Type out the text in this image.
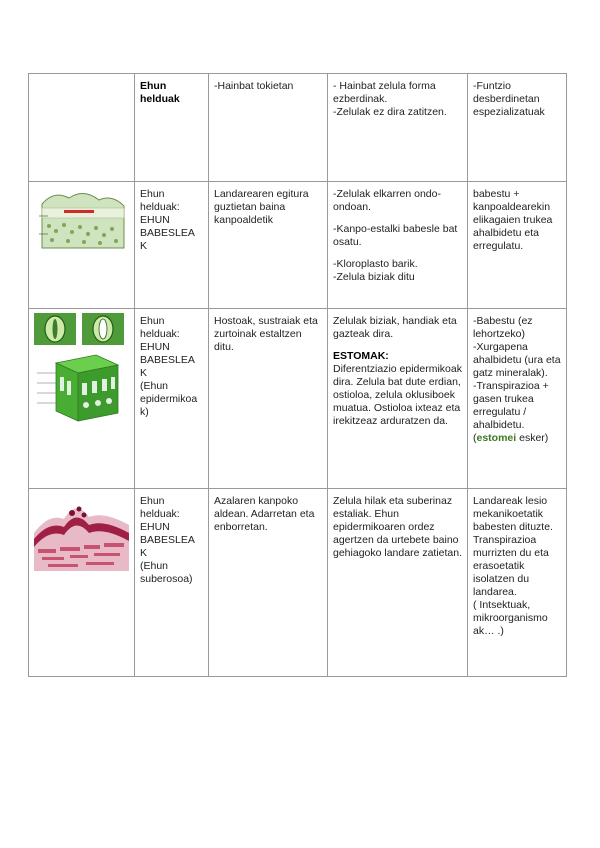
	Ehun helduak	-Hainbat tokietan	- Hainbat zelula forma ezberdinak.
-Zelulak ez dira zatitzen.	-Funtzio desberdinetan espezializatuak

Ehun helduak:
EHUN BABESLEA
K	Landarearen egitura guztietan baina kanpoaldetik	-Zelulak elkarren ondo-ondoan.
-Kanpo-estalki babesle bat osatu.
-Kloroplasto barik.
-Zelula biziak ditu	babestu + kanpoaldearekin elikagaien trukea ahalbidetu eta erregulatu.

Ehun helduak:
EHUN BABESLEA
K
(Ehun epidermikoa
k)	Hostoak, sustraiak eta zurtoinak estaltzen ditu.	Zelulak biziak, handiak eta gazteak dira.
ESTOMAK:
Diferentziazio epidermikoak dira. Zelula bat dute erdian, ostioloa, zelula oklusiboek muatua. Ostioloa ixteaz eta irekitzeaz arduratzen da.	-Babestu (ez lehortzeko)
-Xurgapena ahalbidetu (ura eta gatz mineralak).
-Transpirazioa + gasen trukea erregulatu / ahalbidetu.
(estomei esker)

Ehun helduak:
EHUN BABESLEA
K
(Ehun suberosoa)	Azalaren kanpoko aldean. Adarretan eta enborretan.	Zelula hilak eta suberinaz estaliak. Ehun epidermikoaren ordez agertzen da urtebete baino gehiagoko landare zatietan.	Landareak lesio mekanikoetatik babesten dituzte.
Transpirazioa murrizten du eta erasoetatik isolatzen du landarea.
( Intsektuak, mikroorganismo ak… .)
